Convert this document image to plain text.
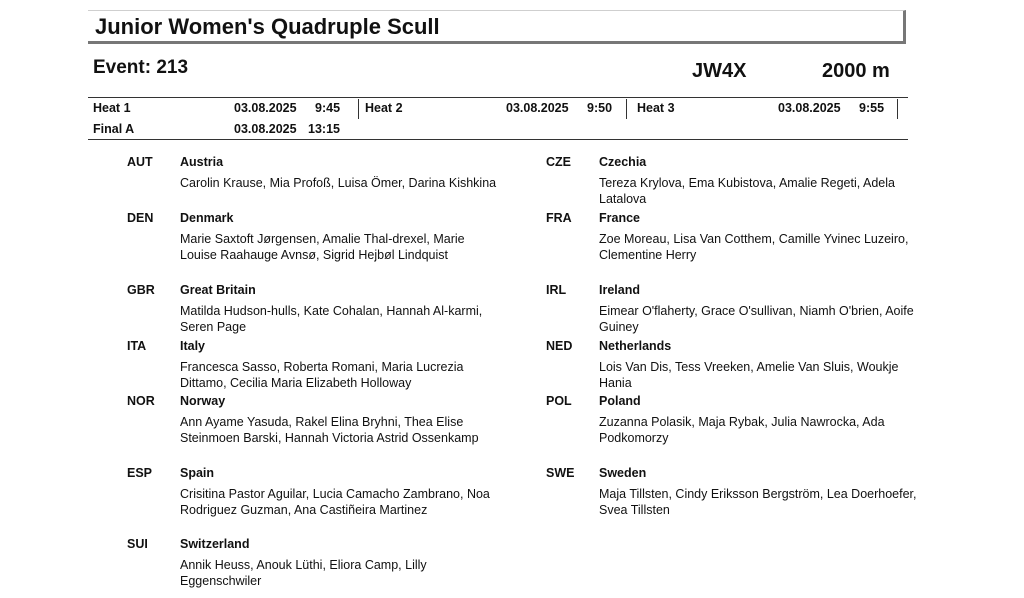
Junior Women's Quadruple Scull
Event: 213	JW4X	2000 m
Heat 1	03.08.2025 9:45 Heat 2	03.08.2025 9:50 Heat 3	03.08.2025 9:55
Final A	03.08.2025 13:15
AUT Austria
Carolin Krause, Mia Profoß, Luisa Ömer, Darina Kishkina
DEN Denmark
Marie Saxtoft Jørgensen, Amalie Thal-drexel, Marie Louise Raahauge Avnsø, Sigrid Hejbøl Lindquist
GBR Great Britain
Matilda Hudson-hulls, Kate Cohalan, Hannah Al-karmi, Seren Page
ITA	Italy
Francesca Sasso, Roberta Romani, Maria Lucrezia Dittamo, Cecilia Maria Elizabeth Holloway
NOR Norway
Ann Ayame Yasuda, Rakel Elina Bryhni, Thea Elise Steinmoen Barski, Hannah Victoria Astrid Ossenkamp
ESP Spain
Crisitina Pastor Aguilar, Lucia Camacho Zambrano, Noa Rodriguez Guzman, Ana Castiñeira Martinez
SUI	Switzerland
Annik Heuss, Anouk Lüthi, Eliora Camp, Lilly Eggenschwiler
CZE Czechia
Tereza Krylova, Ema Kubistova, Amalie Regeti, Adela Latalova
FRA France
Zoe Moreau, Lisa Van Cotthem, Camille Yvinec Luzeiro, Clementine Herry
IRL	Ireland
Eimear O'flaherty, Grace O'sullivan, Niamh O'brien, Aoife Guiney
NED Netherlands
Lois Van Dis, Tess Vreeken, Amelie Van Sluis, Woukje Hania
POL Poland
Zuzanna Polasik, Maja Rybak, Julia Nawrocka, Ada Podkomorzy
SWE Sweden
Maja Tillsten, Cindy Eriksson Bergström, Lea Doerhoefer, Svea Tillsten
